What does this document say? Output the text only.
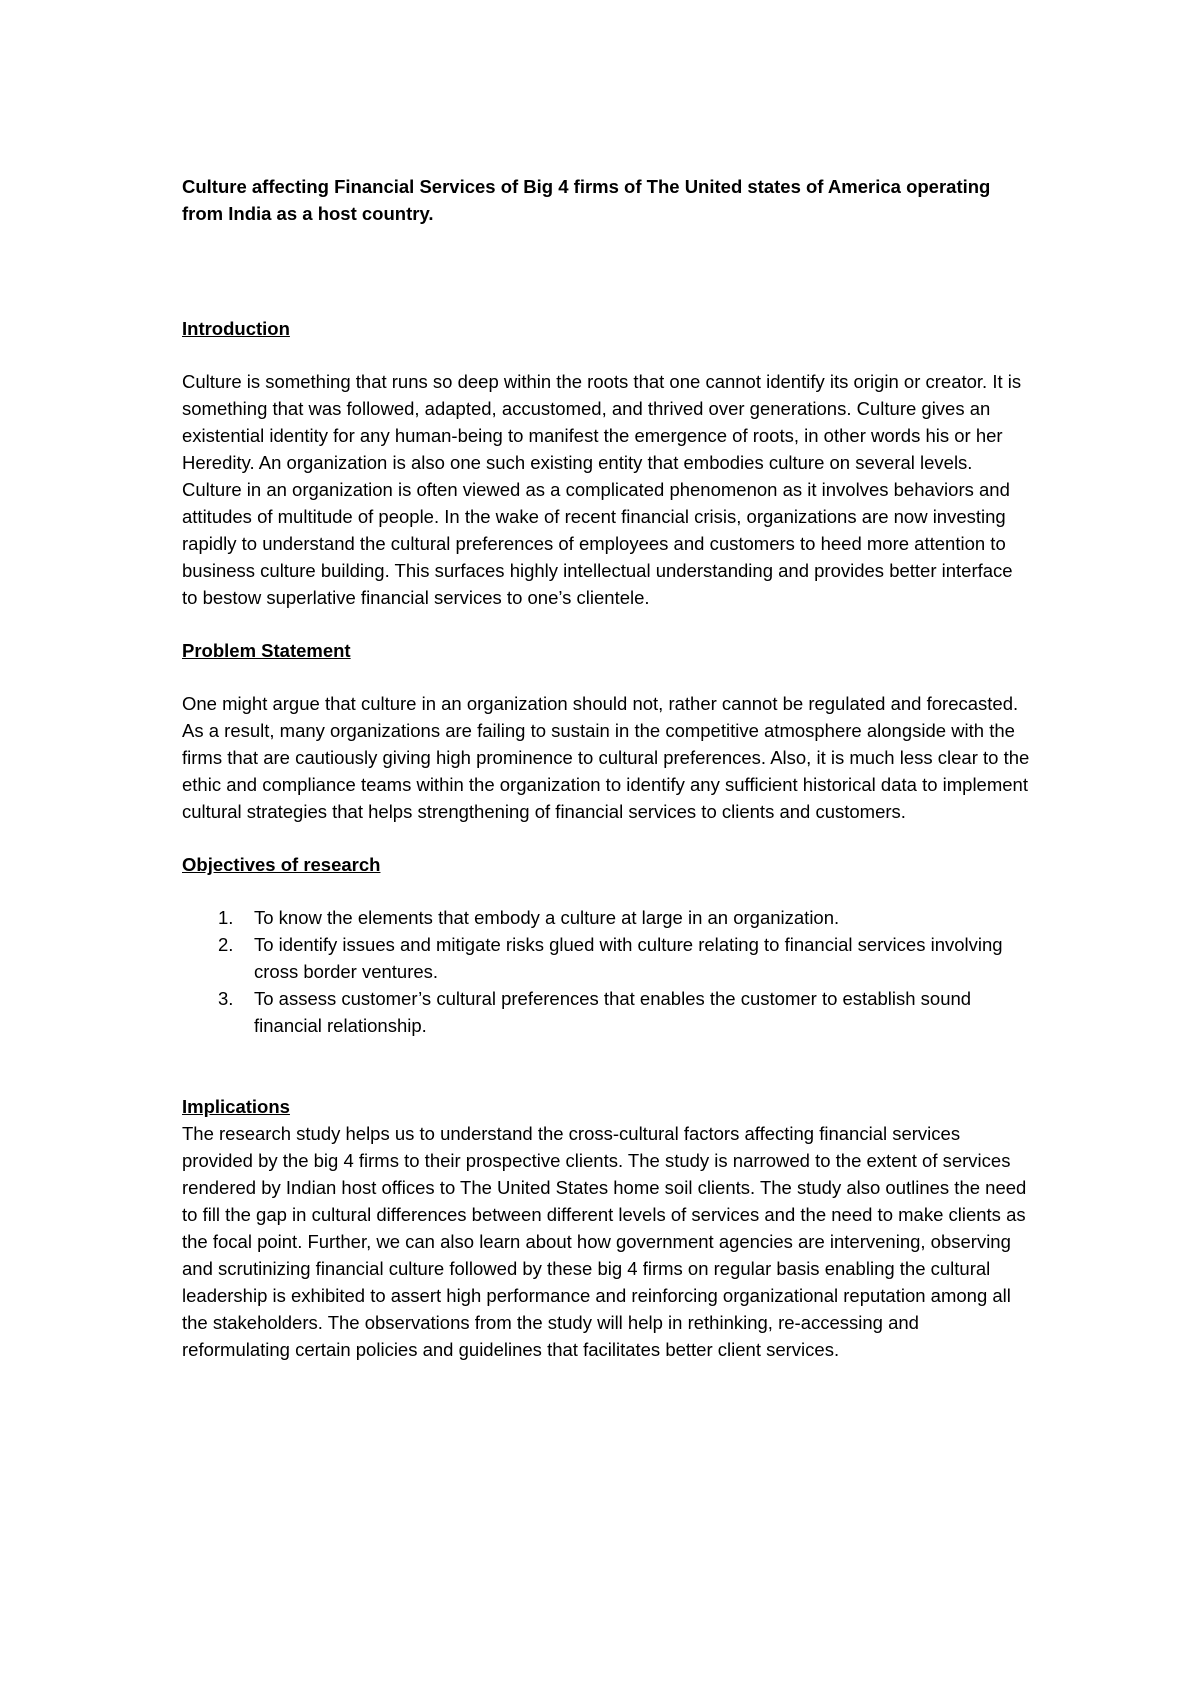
Culture affecting Financial Services of Big 4 firms of The United states of America operating from India as a host country.

Introduction

Culture is something that runs so deep within the roots that one cannot identify its origin or creator. It is something that was followed, adapted, accustomed, and thrived over generations. Culture gives an existential identity for any human-being to manifest the emergence of roots, in other words his or her Heredity. An organization is also one such existing entity that embodies culture on several levels. Culture in an organization is often viewed as a complicated phenomenon as it involves behaviors and attitudes of multitude of people. In the wake of recent financial crisis, organizations are now investing rapidly to understand the cultural preferences of employees and customers to heed more attention to business culture building. This surfaces highly intellectual understanding and provides better interface to bestow superlative financial services to one’s clientele.

Problem Statement

One might argue that culture in an organization should not, rather cannot be regulated and forecasted. As a result, many organizations are failing to sustain in the competitive atmosphere alongside with the firms that are cautiously giving high prominence to cultural preferences. Also, it is much less clear to the ethic and compliance teams within the organization to identify any sufficient historical data to implement cultural strategies that helps strengthening of financial services to clients and customers.

Objectives of research

1.	To know the elements that embody a culture at large in an organization.
2.	To identify issues and mitigate risks glued with culture relating to financial services involving cross border ventures.
3.	To assess customer’s cultural preferences that enables the customer to establish sound financial relationship.

Implications

The research study helps us to understand the cross-cultural factors affecting financial services provided by the big 4 firms to their prospective clients. The study is narrowed to the extent of services rendered by Indian host offices to The United States home soil clients. The study also outlines the need to fill the gap in cultural differences between different levels of services and the need to make clients as the focal point. Further, we can also learn about how government agencies are intervening, observing and scrutinizing financial culture followed by these big 4 firms on regular basis enabling the cultural leadership is exhibited to assert high performance and reinforcing organizational reputation among all the stakeholders. The observations from the study will help in rethinking, re-accessing and reformulating certain policies and guidelines that facilitates better client services.
